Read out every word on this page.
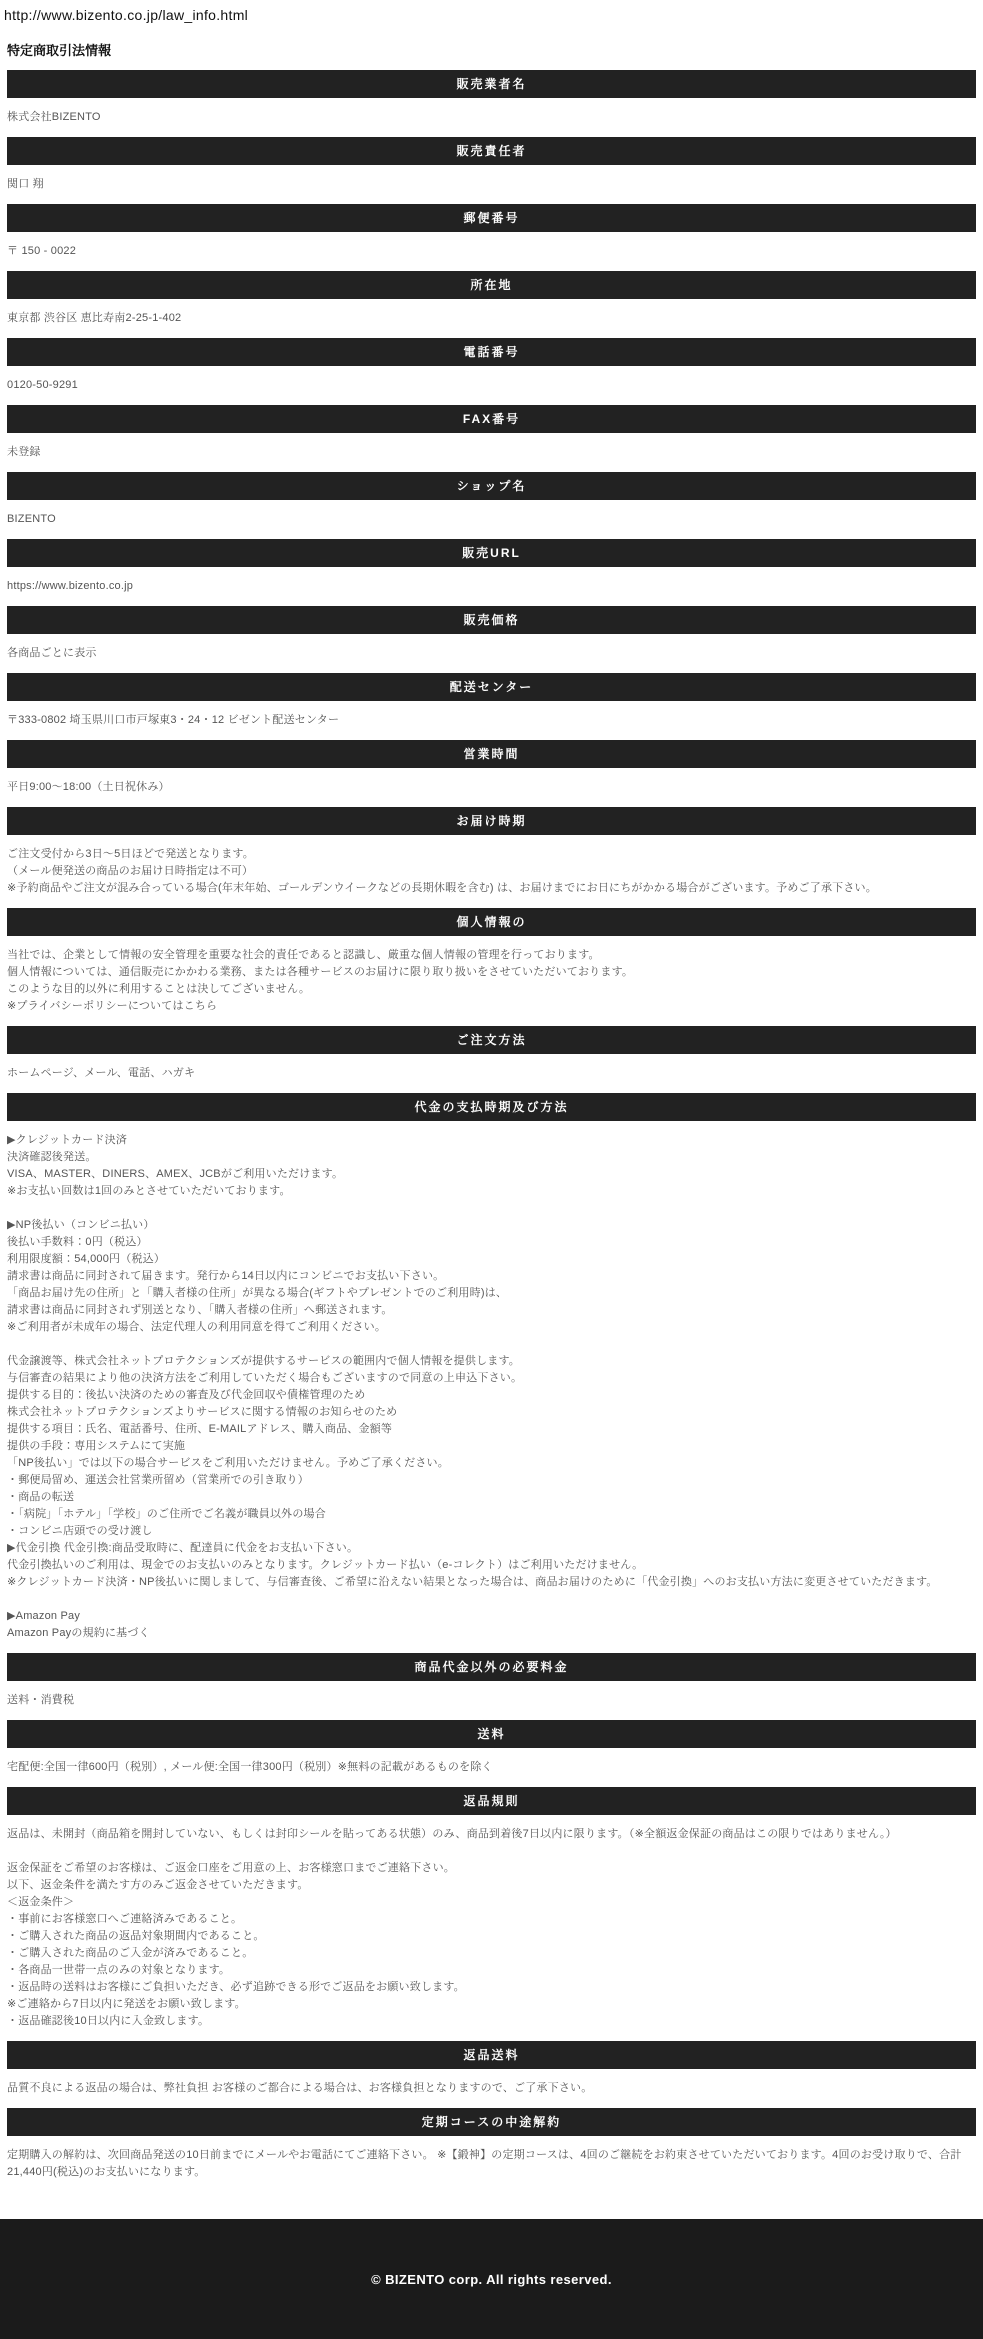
http://www.bizento.co.jp/law_info.html
特定商取引法情報
販売業者名
株式会社BIZENTO
販売責任者
関口 翔
郵便番号
〒 150 - 0022
所在地
東京都 渋谷区 恵比寿南2-25-1-402
電話番号
0120-50-9291
FAX番号
未登録
ショップ名
BIZENTO
販売URL
https://www.bizento.co.jp
販売価格
各商品ごとに表示
配送センター
〒333-0802 埼玉県川口市戸塚東3・24・12 ビゼント配送センター
営業時間
平日9:00〜18:00（土日祝休み）
お届け時期
ご注文受付から3日〜5日ほどで発送となります。
（メール便発送の商品のお届け日時指定は不可）
※予約商品やご注文が混み合っている場合(年末年始、ゴールデンウイークなどの長期休暇を含む) は、お届けまでにお日にちがかかる場合がございます。予めご了承下さい。
個人情報の
当社では、企業として情報の安全管理を重要な社会的責任であると認識し、厳重な個人情報の管理を行っております。
個人情報については、通信販売にかかわる業務、または各種サービスのお届けに限り取り扱いをさせていただいております。
このような目的以外に利用することは決してございません。
※プライバシーポリシーについてはこちら
ご注文方法
ホームページ、メール、電話、ハガキ
代金の支払時期及び方法
▶クレジットカード決済
決済確認後発送。
VISA、MASTER、DINERS、AMEX、JCBがご利用いただけます。
※お支払い回数は1回のみとさせていただいております。
▶NP後払い（コンビニ払い）
後払い手数料：0円（税込）
利用限度額：54,000円（税込）
請求書は商品に同封されて届きます。発行から14日以内にコンビニでお支払い下さい。
「商品お届け先の住所」と「購入者様の住所」が異なる場合(ギフトやプレゼントでのご利用時)は、
請求書は商品に同封されず別送となり、「購入者様の住所」へ郵送されます。
※ご利用者が未成年の場合、法定代理人の利用同意を得てご利用ください。
代金譲渡等、株式会社ネットプロテクションズが提供するサービスの範囲内で個人情報を提供します。
与信審査の結果により他の決済方法をご利用していただく場合もございますので同意の上申込下さい。
提供する目的：後払い決済のための審査及び代金回収や債権管理のため
株式会社ネットプロテクションズよりサービスに関する情報のお知らせのため
提供する項目：氏名、電話番号、住所、E-MAILアドレス、購入商品、金額等
提供の手段：専用システムにて実施
「NP後払い」では以下の場合サービスをご利用いただけません。予めご了承ください。
・郵便局留め、運送会社営業所留め（営業所での引き取り）
・商品の転送
・「病院」「ホテル」「学校」のご住所でご名義が職員以外の場合
・コンビニ店頭での受け渡し
▶代金引換 代金引換:商品受取時に、配達員に代金をお支払い下さい。
代金引換払いのご利用は、現金でのお支払いのみとなります。クレジットカード払い（e-コレクト）はご利用いただけません。
※クレジットカード決済・NP後払いに関しまして、与信審査後、ご希望に沿えない結果となった場合は、商品お届けのために「代金引換」へのお支払い方法に変更させていただきます。
▶Amazon Pay
Amazon Payの規約に基づく
商品代金以外の必要料金
送料・消費税
送料
宅配便:全国一律600円（税別）, メール便:全国一律300円（税別）※無料の記載があるものを除く
返品規則
返品は、未開封（商品箱を開封していない、もしくは封印シールを貼ってある状態）のみ、商品到着後7日以内に限ります。（※全額返金保証の商品はこの限りではありません。）
返金保証をご希望のお客様は、ご返金口座をご用意の上、お客様窓口までご連絡下さい。
以下、返金条件を満たす方のみご返金させていただきます。
＜返金条件＞
・事前にお客様窓口へご連絡済みであること。
・ご購入された商品の返品対象期間内であること。
・ご購入された商品のご入金が済みであること。
・各商品一世帯一点のみの対象となります。
・返品時の送料はお客様にご負担いただき、必ず追跡できる形でご返品をお願い致します。
※ご連絡から7日以内に発送をお願い致します。
・返品確認後10日以内に入金致します。
返品送料
品質不良による返品の場合は、弊社負担 お客様のご都合による場合は、お客様負担となりますので、ご了承下さい。
定期コースの中途解約
定期購入の解約は、次回商品発送の10日前までにメールやお電話にてご連絡下さい。 ※【鍛神】の定期コースは、4回のご継続をお約束させていただいております。4回のお受け取りで、合計21,440円(税込)のお支払いになります。
© BIZENTO corp. All rights reserved.
